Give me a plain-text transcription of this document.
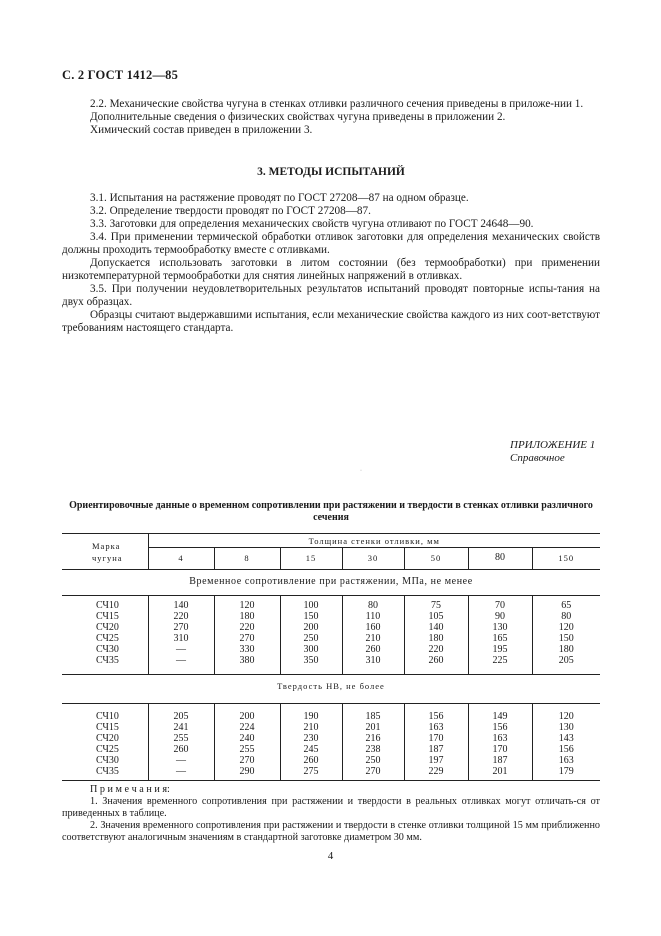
С. 2 ГОСТ 1412—85

2.2. Механические свойства чугуна в стенках отливки различного сечения приведены в приложе-нии 1.

Дополнительные сведения о физических свойствах чугуна приведены в приложении 2.

Химический состав приведен в приложении 3.

3. МЕТОДЫ ИСПЫТАНИЙ

3.1. Испытания на растяжение проводят по ГОСТ 27208—87 на одном образце.

3.2. Определение твердости проводят по ГОСТ 27208—87.

3.3. Заготовки для определения механических свойств чугуна отливают по ГОСТ 24648—90.

3.4. При применении термической обработки отливок заготовки для определения механических свойств должны проходить термообработку вместе с отливками.

Допускается использовать заготовки в литом состоянии (без термообработки) при применении низкотемпературной термообработки для снятия линейных напряжений в отливках.

3.5. При получении неудовлетворительных результатов испытаний проводят повторные испы-тания на двух образцах.

Образцы считают выдержавшими испытания, если механические свойства каждого из них соот-ветствуют требованиям настоящего стандарта.

ПРИЛОЖЕНИЕ 1
Справочное
·
Ориентировочные данные о временном сопротивлении при растяжении и твердости в стенках отливки различного сечения
Марка
чугуна	Толщина стенки отливки, мм						
	4	8	15	30	50	80	150
Временное сопротивление при растяжении, МПа, не менее							
СЧ10	140	120	100	80	75	70	65
СЧ15	220	180	150	110	105	90	80
СЧ20	270	220	200	160	140	130	120
СЧ25	310	270	250	210	180	165	150
СЧ30	—	330	300	260	220	195	180
СЧ35	—	380	350	310	260	225	205
Твердость НВ, не более							
СЧ10	205	200	190	185	156	149	120
СЧ15	241	224	210	201	163	156	130
СЧ20	255	240	230	216	170	163	143
СЧ25	260	255	245	238	187	170	156
СЧ30	—	270	260	250	197	187	163
СЧ35	—	290	275	270	229	201	179

П р и м е ч а н и я:

1. Значения временного сопротивления при растяжении и твердости в реальных отливках могут отличать-ся от приведенных в таблице.

2. Значения временного сопротивления при растяжении и твердости в стенке отливки толщиной 15 мм приближенно соответствуют аналогичным значениям в стандартной заготовке диаметром 30 мм.

4
